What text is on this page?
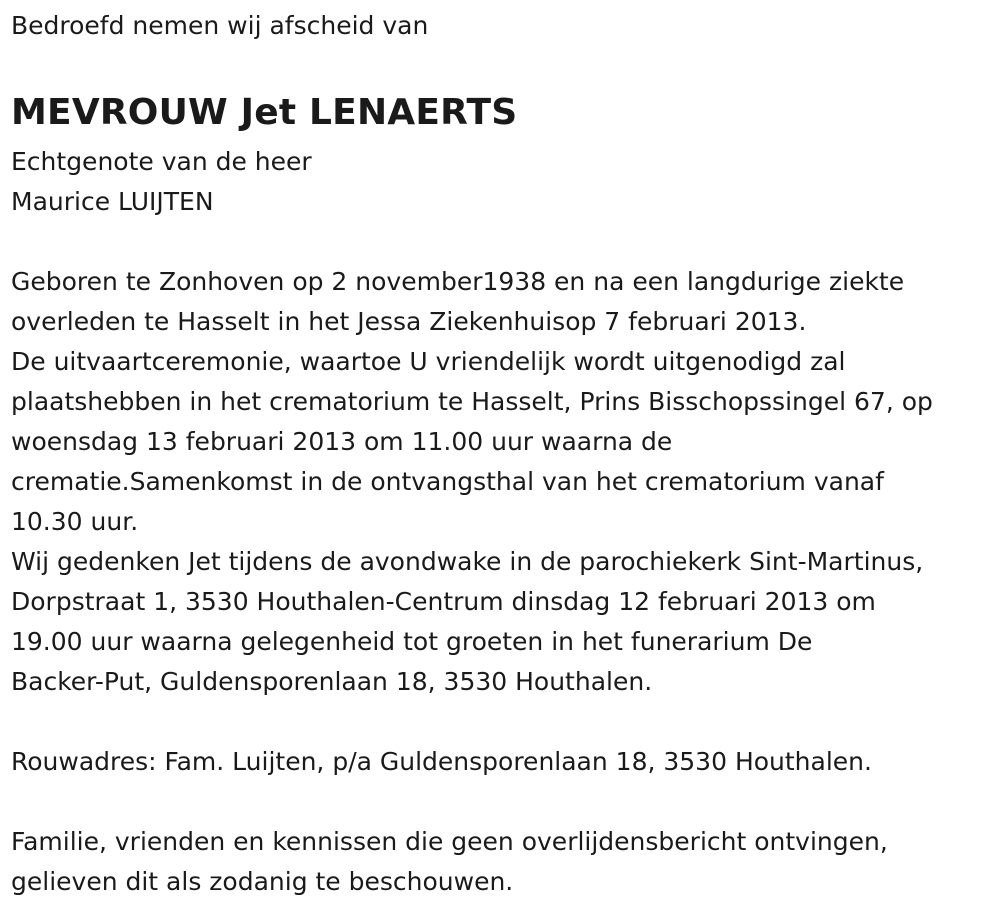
Bedroefd nemen wij afscheid van
MEVROUW Jet LENAERTS
Echtgenote van de heer
Maurice LUIJTEN
Geboren te Zonhoven op 2 november1938 en na een langdurige ziekte
overleden te Hasselt in het Jessa Ziekenhuisop 7 februari 2013.
De uitvaartceremonie, waartoe U vriendelijk wordt uitgenodigd zal
plaatshebben in het crematorium te Hasselt, Prins Bisschopssingel 67, op
woensdag 13 februari 2013 om 11.00 uur waarna de
crematie.Samenkomst in de ontvangsthal van het crematorium vanaf
10.30 uur.
Wij gedenken Jet tijdens de avondwake in de parochiekerk Sint-Martinus,
Dorpstraat 1, 3530 Houthalen-Centrum dinsdag 12 februari 2013 om
19.00 uur waarna gelegenheid tot groeten in het funerarium De
Backer-Put, Guldensporenlaan 18, 3530 Houthalen.
Rouwadres: Fam. Luijten, p/a Guldensporenlaan 18, 3530 Houthalen.
Familie, vrienden en kennissen die geen overlijdensbericht ontvingen,
gelieven dit als zodanig te beschouwen.
